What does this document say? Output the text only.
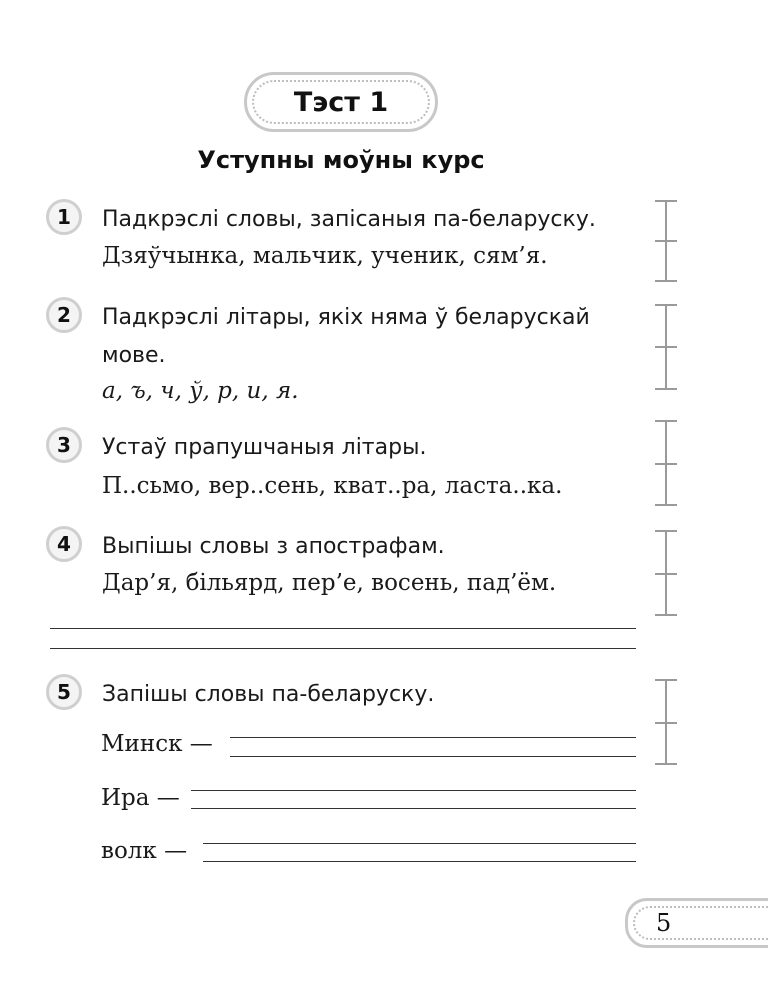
Тэст 1
Уступны моўны курс
1	Падкрэслі словы, запісаныя па-беларуску.
Дзяўчынка, мальчик, ученик, сям’я.
2	Падкрэслі літары, якіх няма ў беларускай мове.
а, ъ, ч, ў, р, и, я.
3	Устаў прапушчаныя літары.
П..сьмо, вер..сень, кват..ра, ласта..ка.
4	Выпішы словы з апострафам.
Дар’я, більярд, пер’е, восень, пад’ём.
5	Запішы словы па-беларуску.
Минск —
Ира —
волк —
5
